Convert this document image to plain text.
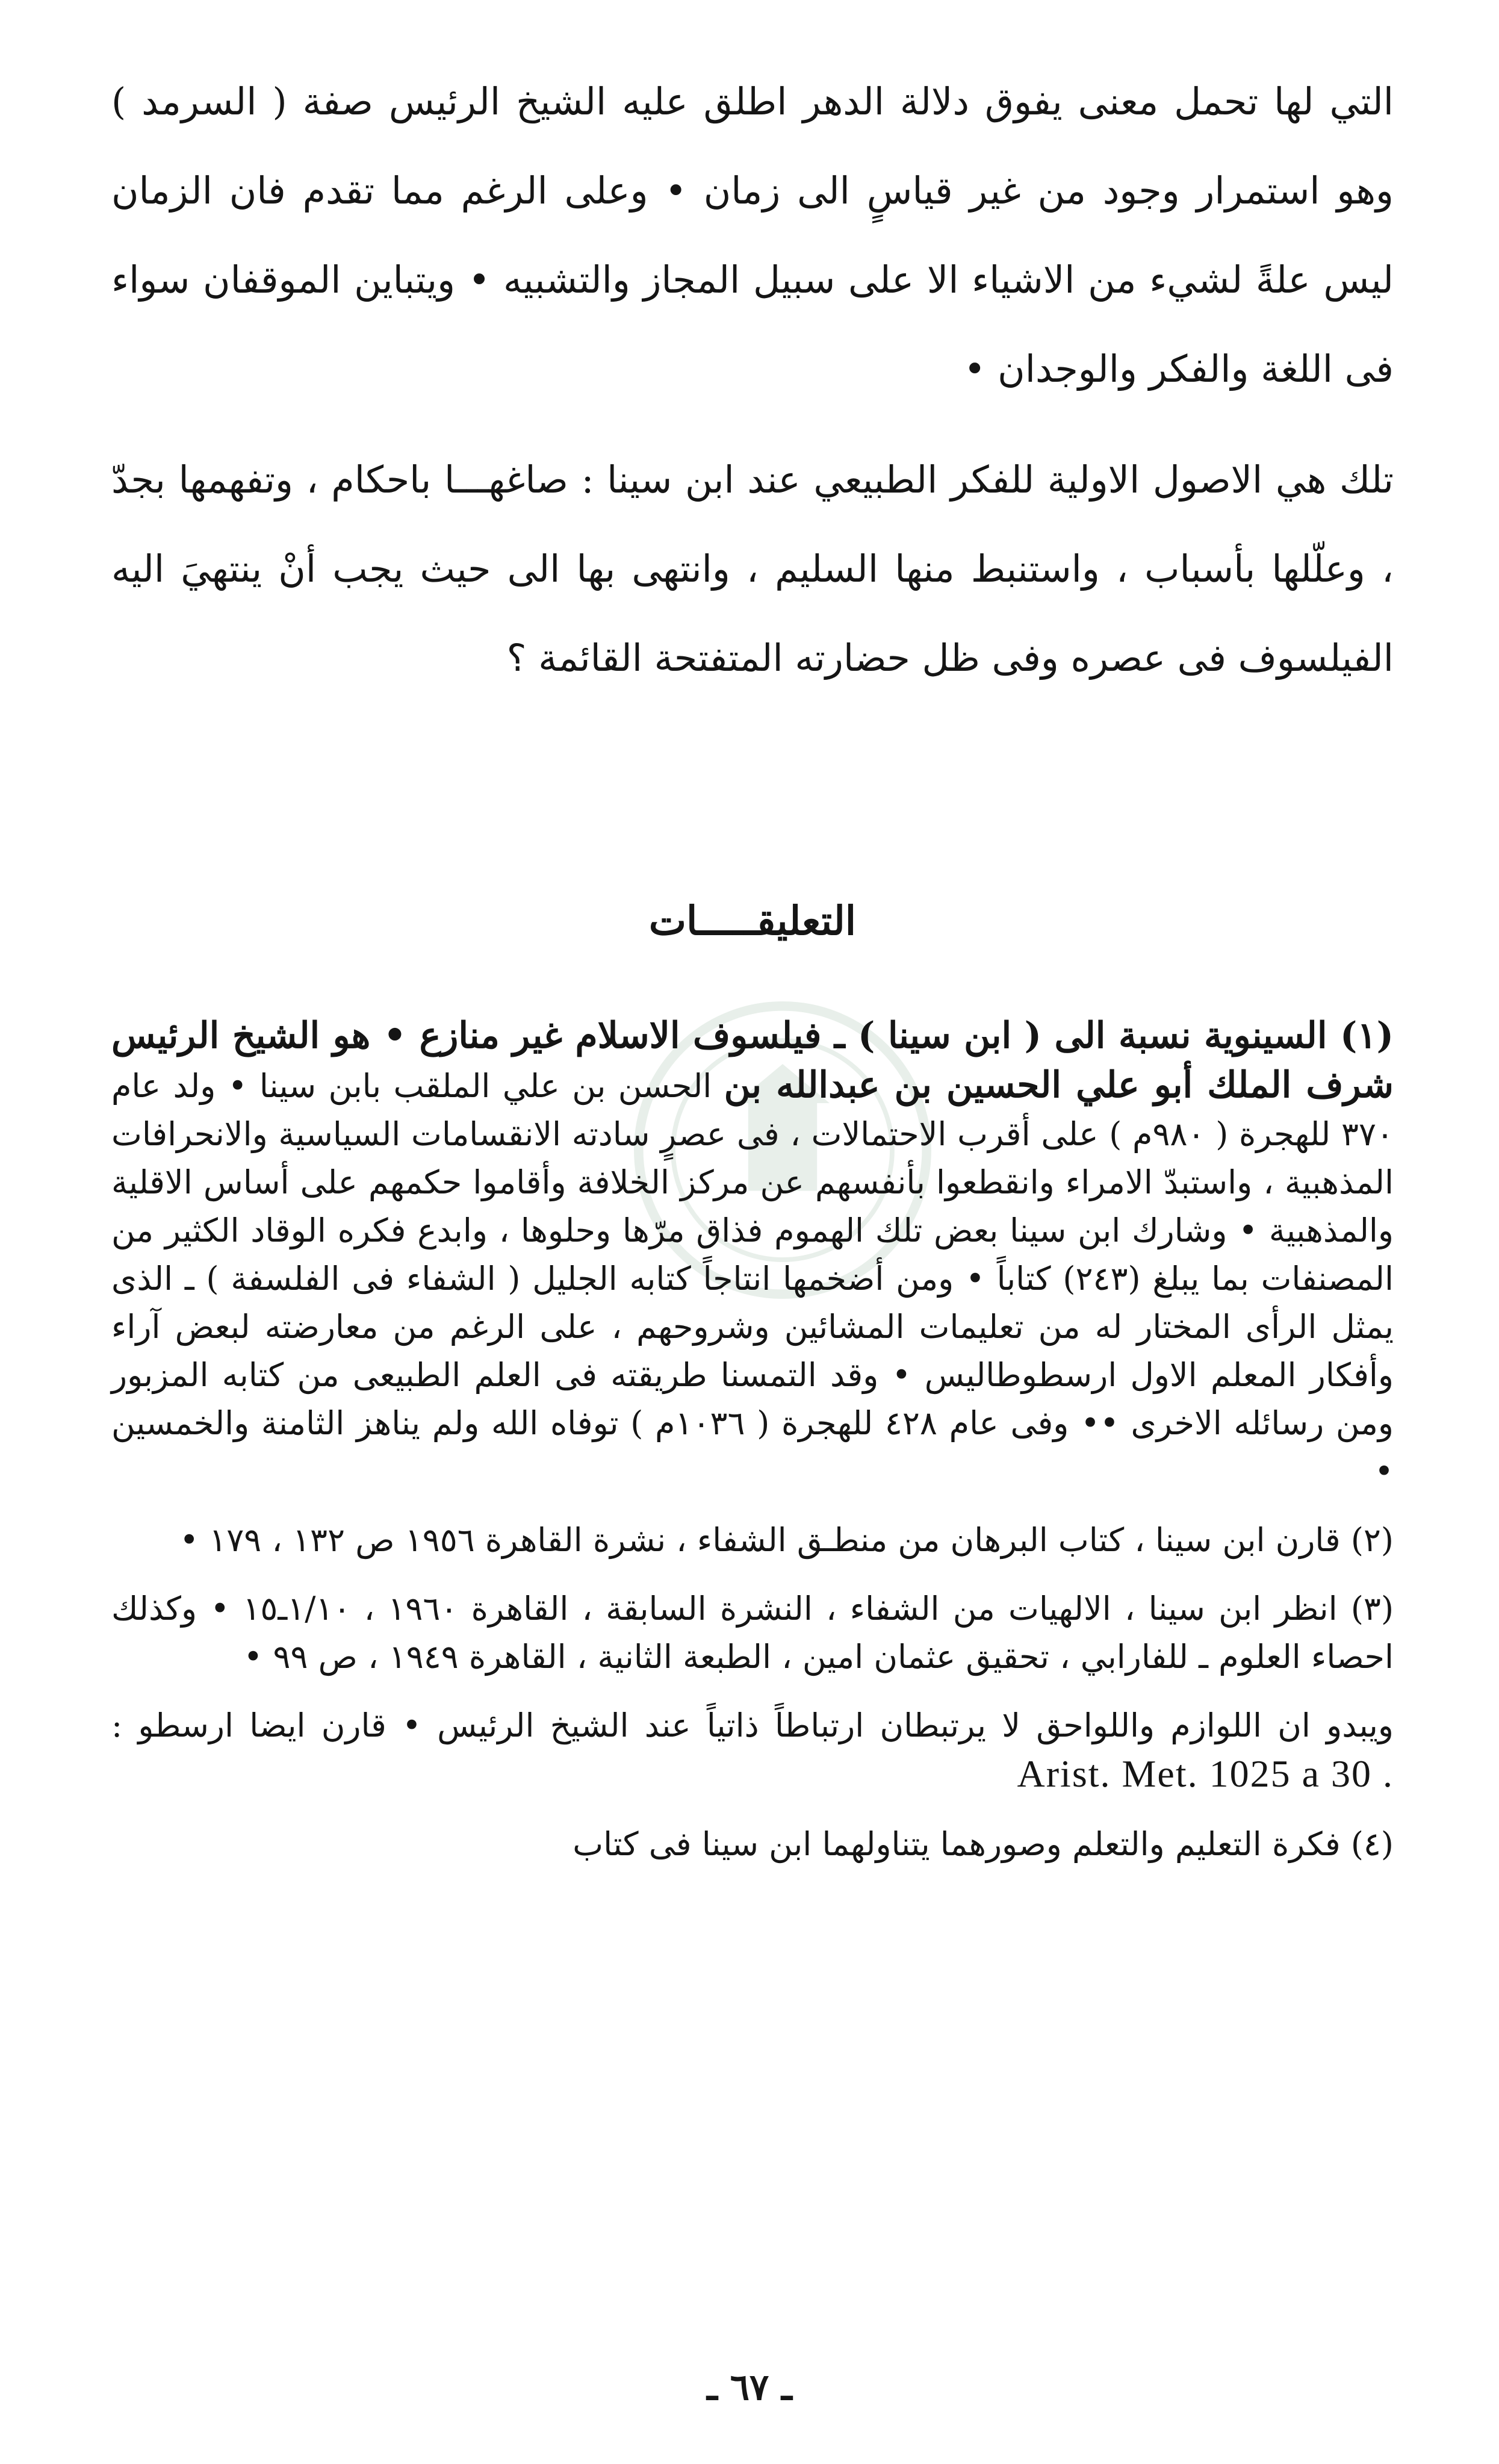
التي لها تحمل معنى يفوق دلالة الدهر اطلق عليه الشيخ الرئيس صفة ( السرمد ) وهو استمرار وجود من غير قياسٍ الى زمان • وعلى الرغم مما تقدم فان الزمان ليس علةً لشيء من الاشياء الا على سبيل المجاز والتشبيه • ويتباين الموقفان سواء فى اللغة والفكر والوجدان •

تلك هي الاصول الاولية للفكر الطبيعي عند ابن سينا : صاغهـــا باحكام ، وتفهمها بجدّ ، وعلّلها بأسباب ، واستنبط منها السليم ، وانتهى بها الى حيث يجب أنْ ينتهيَ اليه الفيلسوف فى عصره وفى ظل حضارته المتفتحة القائمة ؟

التعليقـــــات

(١) السينوية نسبة الى ( ابن سينا ) ـ فيلسوف الاسلام غير منازع • هو الشيخ الرئيس شرف الملك أبو علي الحسين بن عبدالله بن الحسن بن علي الملقب بابن سينا • ولد عام ٣٧٠ للهجرة ( ٩٨٠م ) على أقرب الاحتمالات ، فى عصرٍ سادته الانقسامات السياسية والانحرافات المذهبية ، واستبدّ الامراء وانقطعوا بأنفسهم عن مركز الخلافة وأقاموا حكمهم على أساس الاقلية والمذهبية • وشارك ابن سينا بعض تلك الهموم فذاق مرّها وحلوها ، وابدع فكره الوقاد الكثير من المصنفات بما يبلغ (٢٤٣) كتاباً • ومن أضخمها انتاجاً كتابه الجليل ( الشفاء فى الفلسفة ) ـ الذى يمثل الرأى المختار له من تعليمات المشائين وشروحهم ، على الرغم من معارضته لبعض آراء وأفكار المعلم الاول ارسطوطاليس • وقد التمسنا طريقته فى العلم الطبيعى من كتابه المزبور ومن رسائله الاخرى •• وفى عام ٤٢٨ للهجرة ( ١٠٣٦م ) توفاه الله ولم يناهز الثامنة والخمسين •

(٢) قارن ابن سينا ، كتاب البرهان من منطـق الشفاء ، نشرة القاهرة ١٩٥٦ ص ١٣٢ ، ١٧٩ •

(٣) انظر ابن سينا ، الالهيات من الشفاء ، النشرة السابقة ، القاهرة ١٩٦٠ ، ١/١٠ـ١٥ • وكذلك احصاء العلوم ـ للفارابي ، تحقيق عثمان امين ، الطبعة الثانية ، القاهرة ١٩٤٩ ، ص ٩٩ •

ويبدو ان اللوازم واللواحق لا يرتبطان ارتباطاً ذاتياً عند الشيخ الرئيس • قارن ايضا ارسطو : Arist. Met. 1025 a 30 .

(٤) فكرة التعليم والتعلم وصورهما يتناولهما ابن سينا فى كتاب

ـ ٦٧ ـ
